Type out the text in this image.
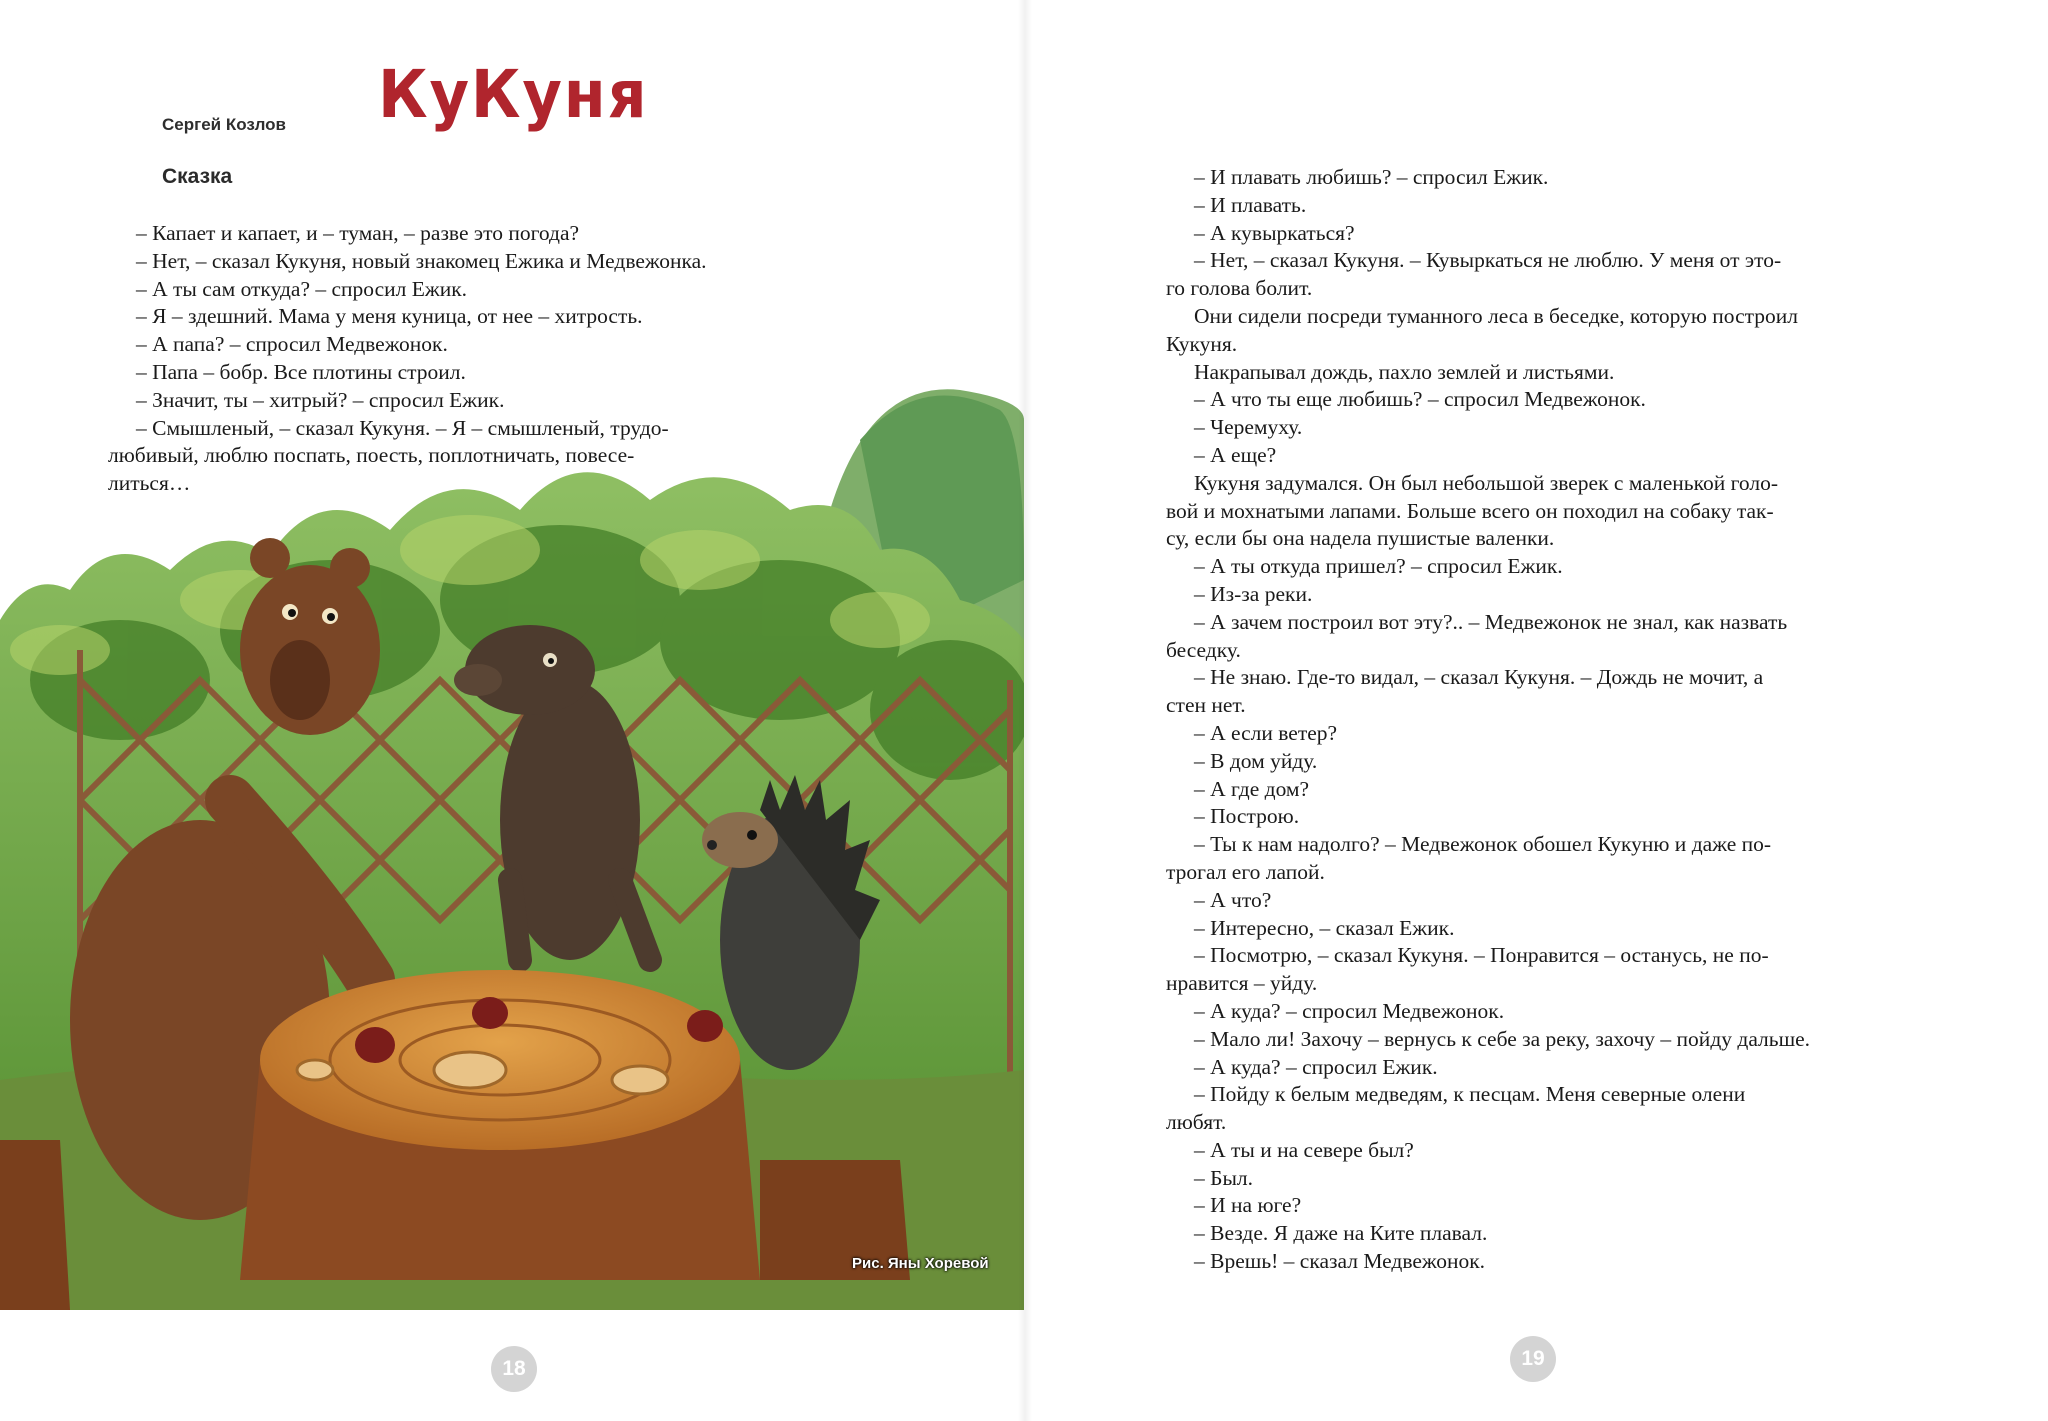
Сергей Козлов КуКуня
Сказка
– Капает и капает, и – туман, – разве это погода?
– Нет, – сказал Кукуня, новый знакомец Ежика и Медвежонка.
– А ты сам откуда? – спросил Ежик.
– Я – здешний. Мама у меня куница, от нее – хитрость.
– А папа? – спросил Медвежонок.
– Папа – бобр. Все плотины строил.
– Значит, ты – хитрый? – спросил Ежик.
– Смышленый, – сказал Кукуня. – Я – смышленый, трудо-
любивый, люблю поспать, поесть, поплотничать, повесе-
литься…
Рис. Яны Хоревой
18
– И плавать любишь? – спросил Ежик.
– И плавать.
– А кувыркаться?
– Нет, – сказал Кукуня. – Кувыркаться не люблю. У меня от это-
го голова болит.
Они сидели посреди туманного леса в беседке, которую построил
Кукуня.
Накрапывал дождь, пахло землей и листьями.
– А что ты еще любишь? – спросил Медвежонок.
– Черемуху.
– А еще?
Кукуня задумался. Он был небольшой зверек с маленькой голо-
вой и мохнатыми лапами. Больше всего он походил на собаку так-
су, если бы она надела пушистые валенки.
– А ты откуда пришел? – спросил Ежик.
– Из-за реки.
– А зачем построил вот эту?.. – Медвежонок не знал, как назвать
беседку.
– Не знаю. Где-то видал, – сказал Кукуня. – Дождь не мочит, а
стен нет.
– А если ветер?
– В дом уйду.
– А где дом?
– Построю.
– Ты к нам надолго? – Медвежонок обошел Кукуню и даже по-
трогал его лапой.
– А что?
– Интересно, – сказал Ежик.
– Посмотрю, – сказал Кукуня. – Понравится – останусь, не по-
нравится – уйду.
– А куда? – спросил Медвежонок.
– Мало ли! Захочу – вернусь к себе за реку, захочу – пойду дальше.
– А куда? – спросил Ежик.
– Пойду к белым медведям, к песцам. Меня северные олени
любят.
– А ты и на севере был?
– Был.
– И на юге?
– Везде. Я даже на Ките плавал.
– Врешь! – сказал Медвежонок.
19
